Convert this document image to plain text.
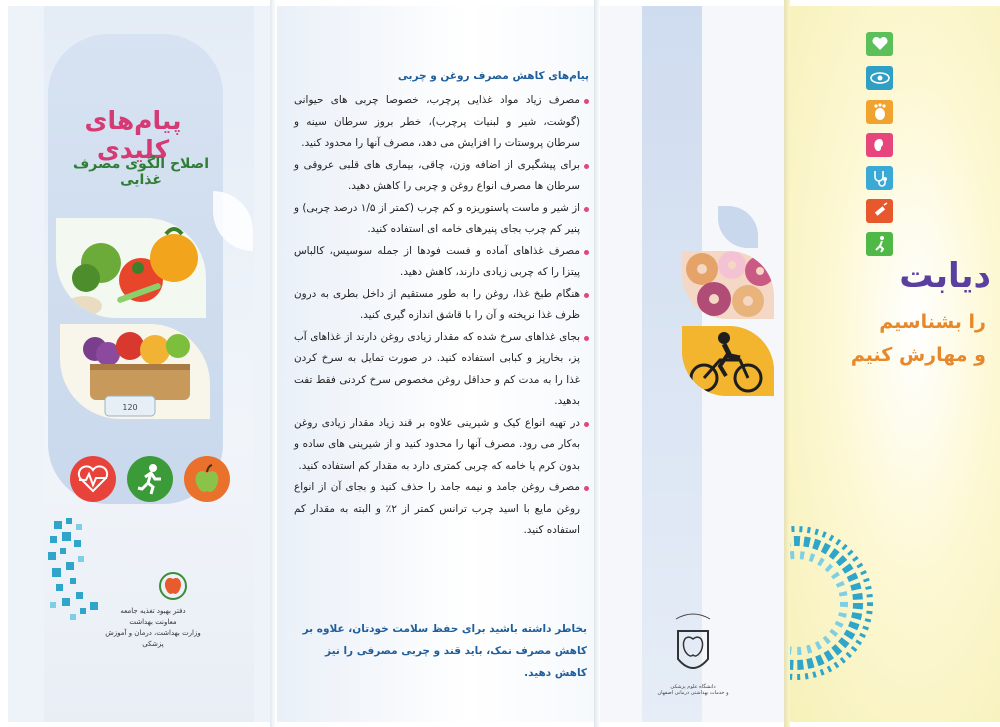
پیام‌های کلیدی
اصلاح الگوی مصرف غذایی
120
دفتر بهبود تغذیه جامعه
معاونت بهداشت
وزارت بهداشت، درمان و آموزش پزشکی
پیام‌های کاهش مصرف روغن و چربی
مصرف زیاد مواد غذایی پرچرب، خصوصا چربی های حیوانی (گوشت، شیر و لبنیات پرچرب)، خطر بروز سرطان سینه و سرطان پروستات را افزایش می دهد، مصرف آنها را محدود کنید.
برای پیشگیری از اضافه وزن، چاقی، بیماری های قلبی عروقی و سرطان ها مصرف انواع روغن و چربی را کاهش دهید.
از شیر و ماست پاستوریزه و کم چرب (کمتر از ۱/۵ درصد چربی) و پنیر کم چرب بجای پنیرهای خامه ای استفاده کنید.
مصرف غذاهای آماده و فست فودها از جمله سوسیس، کالباس پیتزا را که چربی زیادی دارند، کاهش دهید.
هنگام طبخ غذا، روغن را به طور مستقیم از داخل بطری به درون ظرف غذا نریخته و آن را با قاشق اندازه گیری کنید.
بجای غذاهای سرخ شده که مقدار زیادی روغن دارند از غذاهای آب پز، بخارپز و کبابی استفاده کنید. در صورت تمایل به سرخ کردن غذا را به مدت کم و حداقل روغن مخصوص سرخ کردنی فقط تفت بدهید.
در تهیه انواع کیک و شیرینی علاوه بر قند زیاد مقدار زیادی روغن به‌کار می رود. مصرف آنها را محدود کنید و از شیرینی های ساده و بدون کرم یا خامه که چربی کمتری دارد به مقدار کم استفاده کنید.
مصرف روغن جامد و نیمه جامد را حذف کنید و بجای آن از انواع روغن مایع با اسید چرب ترانس کمتر از ۲٪ و البته به مقدار کم استفاده کنید.
بخاطر داشته باشید برای حفظ سلامت خودتان، علاوه بر کاهش مصرف نمک، باید قند و چربی مصرفی را نیز کاهش دهید.
دانشگاه علوم پزشکی
و خدمات بهداشتی درمانی اصفهان
دیابت
را بشناسیم
و مهارش کنیم
